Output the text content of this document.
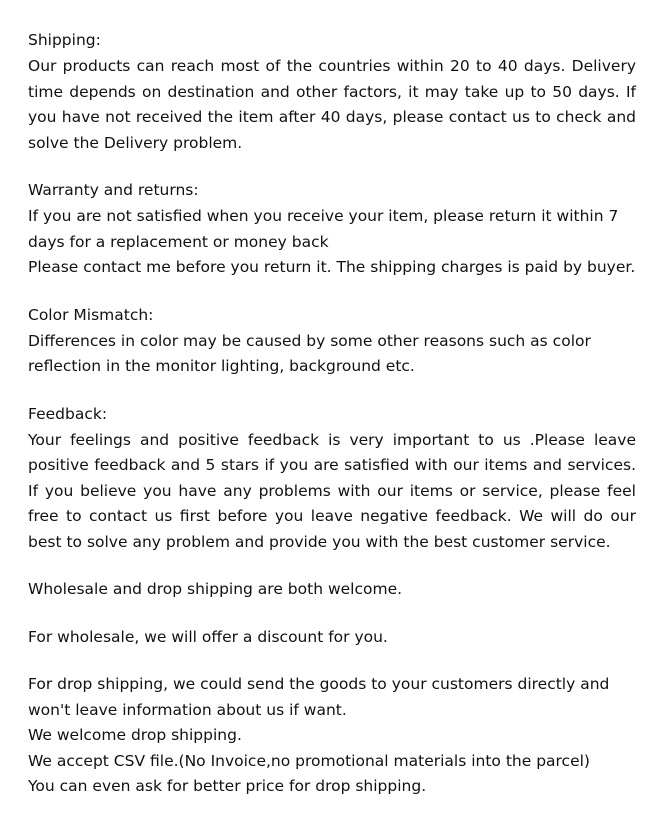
Shipping:

Our products can reach most of the countries within 20 to 40 days. Delivery time depends on destination and other factors, it may take up to 50 days. If you have not received the item after 40 days, please contact us to check and solve the Delivery problem.

Warranty and returns:

If you are not satisfied when you receive your item, please return it within 7 days for a replacement or money back

Please contact me before you return it. The shipping charges is paid by buyer.

Color Mismatch:

Differences in color may be caused by some other reasons such as color reflection in the monitor lighting, background etc.

Feedback:

Your feelings and positive feedback is very important to us .Please leave positive feedback and 5 stars if you are satisfied with our items and services. If you believe you have any problems with our items or service, please feel free to contact us first before you leave negative feedback. We will do our best to solve any problem and provide you with the best customer service.

Wholesale and drop shipping are both welcome.

For wholesale, we will offer a discount for you.

For drop shipping, we could send the goods to your customers directly and won't leave information about us if want.

We welcome drop shipping.

We accept CSV file.(No Invoice,no promotional materials into the parcel)

You can even ask for better price for drop shipping.
